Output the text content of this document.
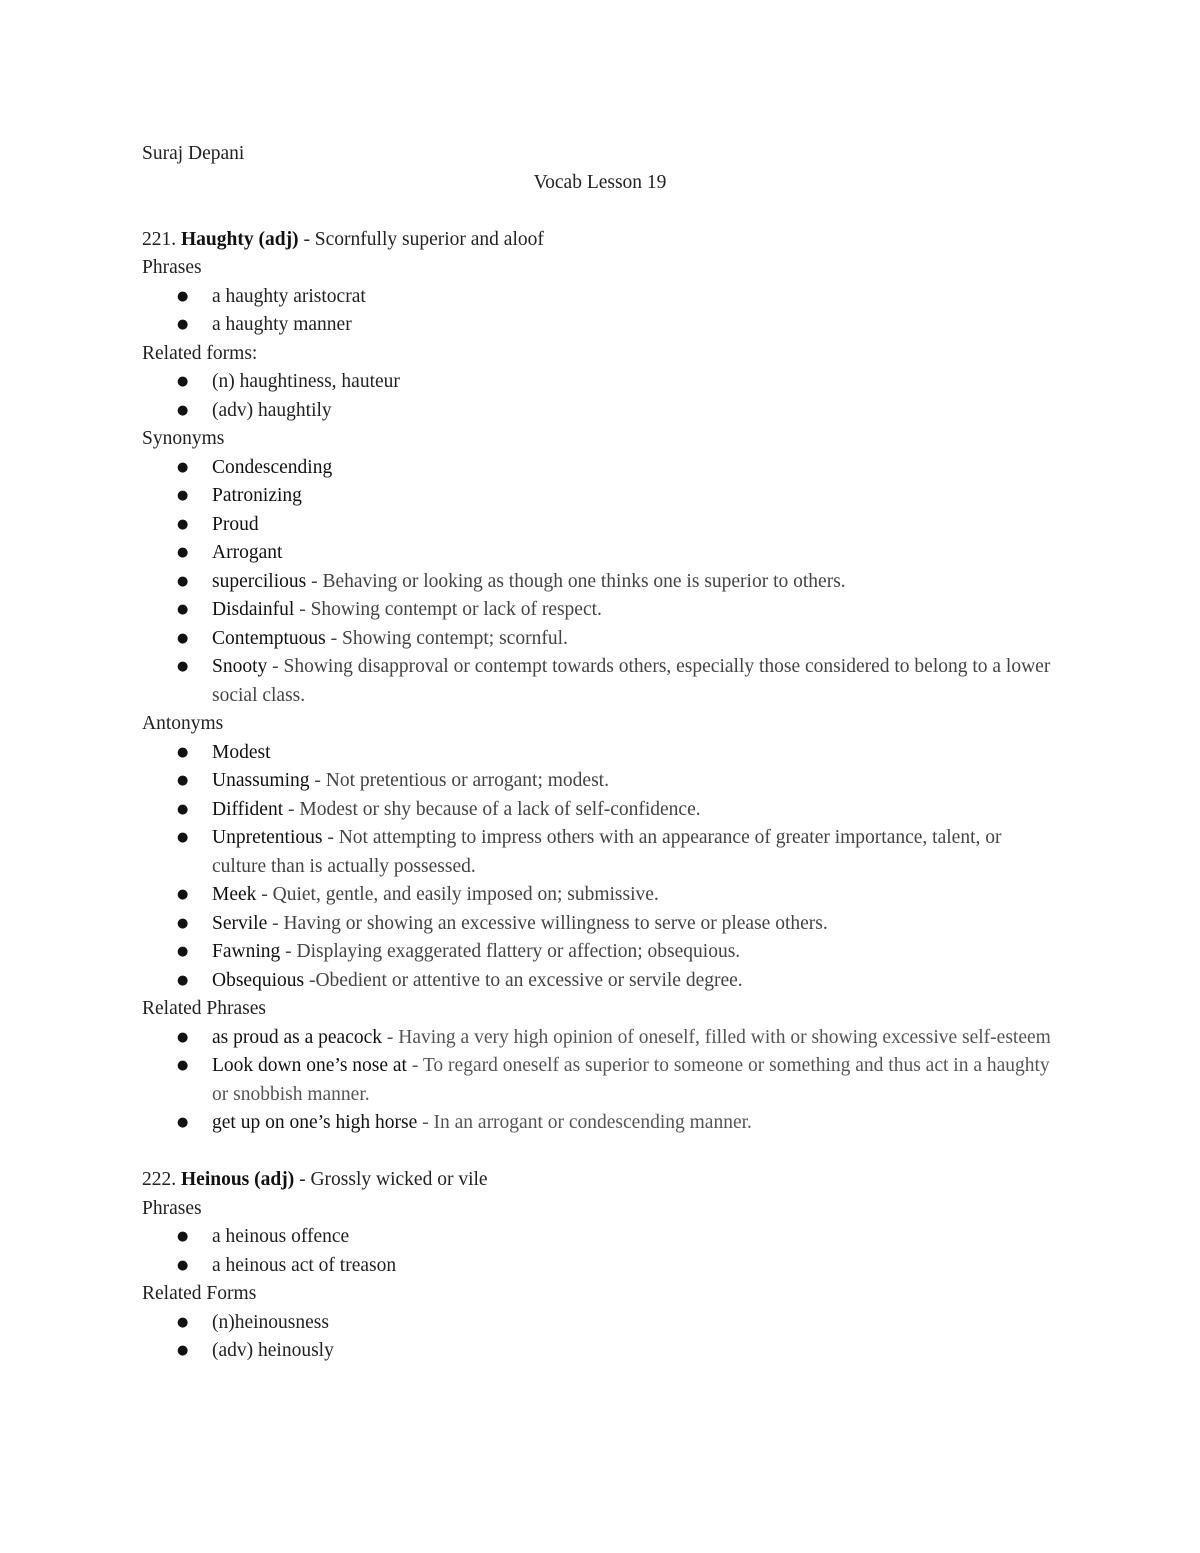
Suraj Depani
Vocab Lesson 19
221. Haughty (adj) - Scornfully superior and aloof
Phrases
● a haughty aristocrat
● a haughty manner
Related forms:
● (n) haughtiness, hauteur
● (adv) haughtily
Synonyms
● Condescending
● Patronizing
● Proud
● Arrogant
● supercilious - Behaving or looking as though one thinks one is superior to others.
● Disdainful - Showing contempt or lack of respect.
● Contemptuous - Showing contempt; scornful.
● Snooty - Showing disapproval or contempt towards others, especially those considered to belong to a lower social class.
Antonyms
● Modest
● Unassuming - Not pretentious or arrogant; modest.
● Diffident - Modest or shy because of a lack of self-confidence.
● Unpretentious - Not attempting to impress others with an appearance of greater importance, talent, or culture than is actually possessed.
● Meek - Quiet, gentle, and easily imposed on; submissive.
● Servile - Having or showing an excessive willingness to serve or please others.
● Fawning - Displaying exaggerated flattery or affection; obsequious.
● Obsequious -Obedient or attentive to an excessive or servile degree.
Related Phrases
● as proud as a peacock - Having a very high opinion of oneself, filled with or showing excessive self-esteem
● Look down one’s nose at - To regard oneself as superior to someone or something and thus act in a haughty or snobbish manner.
● get up on one’s high horse - In an arrogant or condescending manner.
222. Heinous (adj) - Grossly wicked or vile
Phrases
● a heinous offence
● a heinous act of treason
Related Forms
● (n)heinousness
● (adv) heinously
